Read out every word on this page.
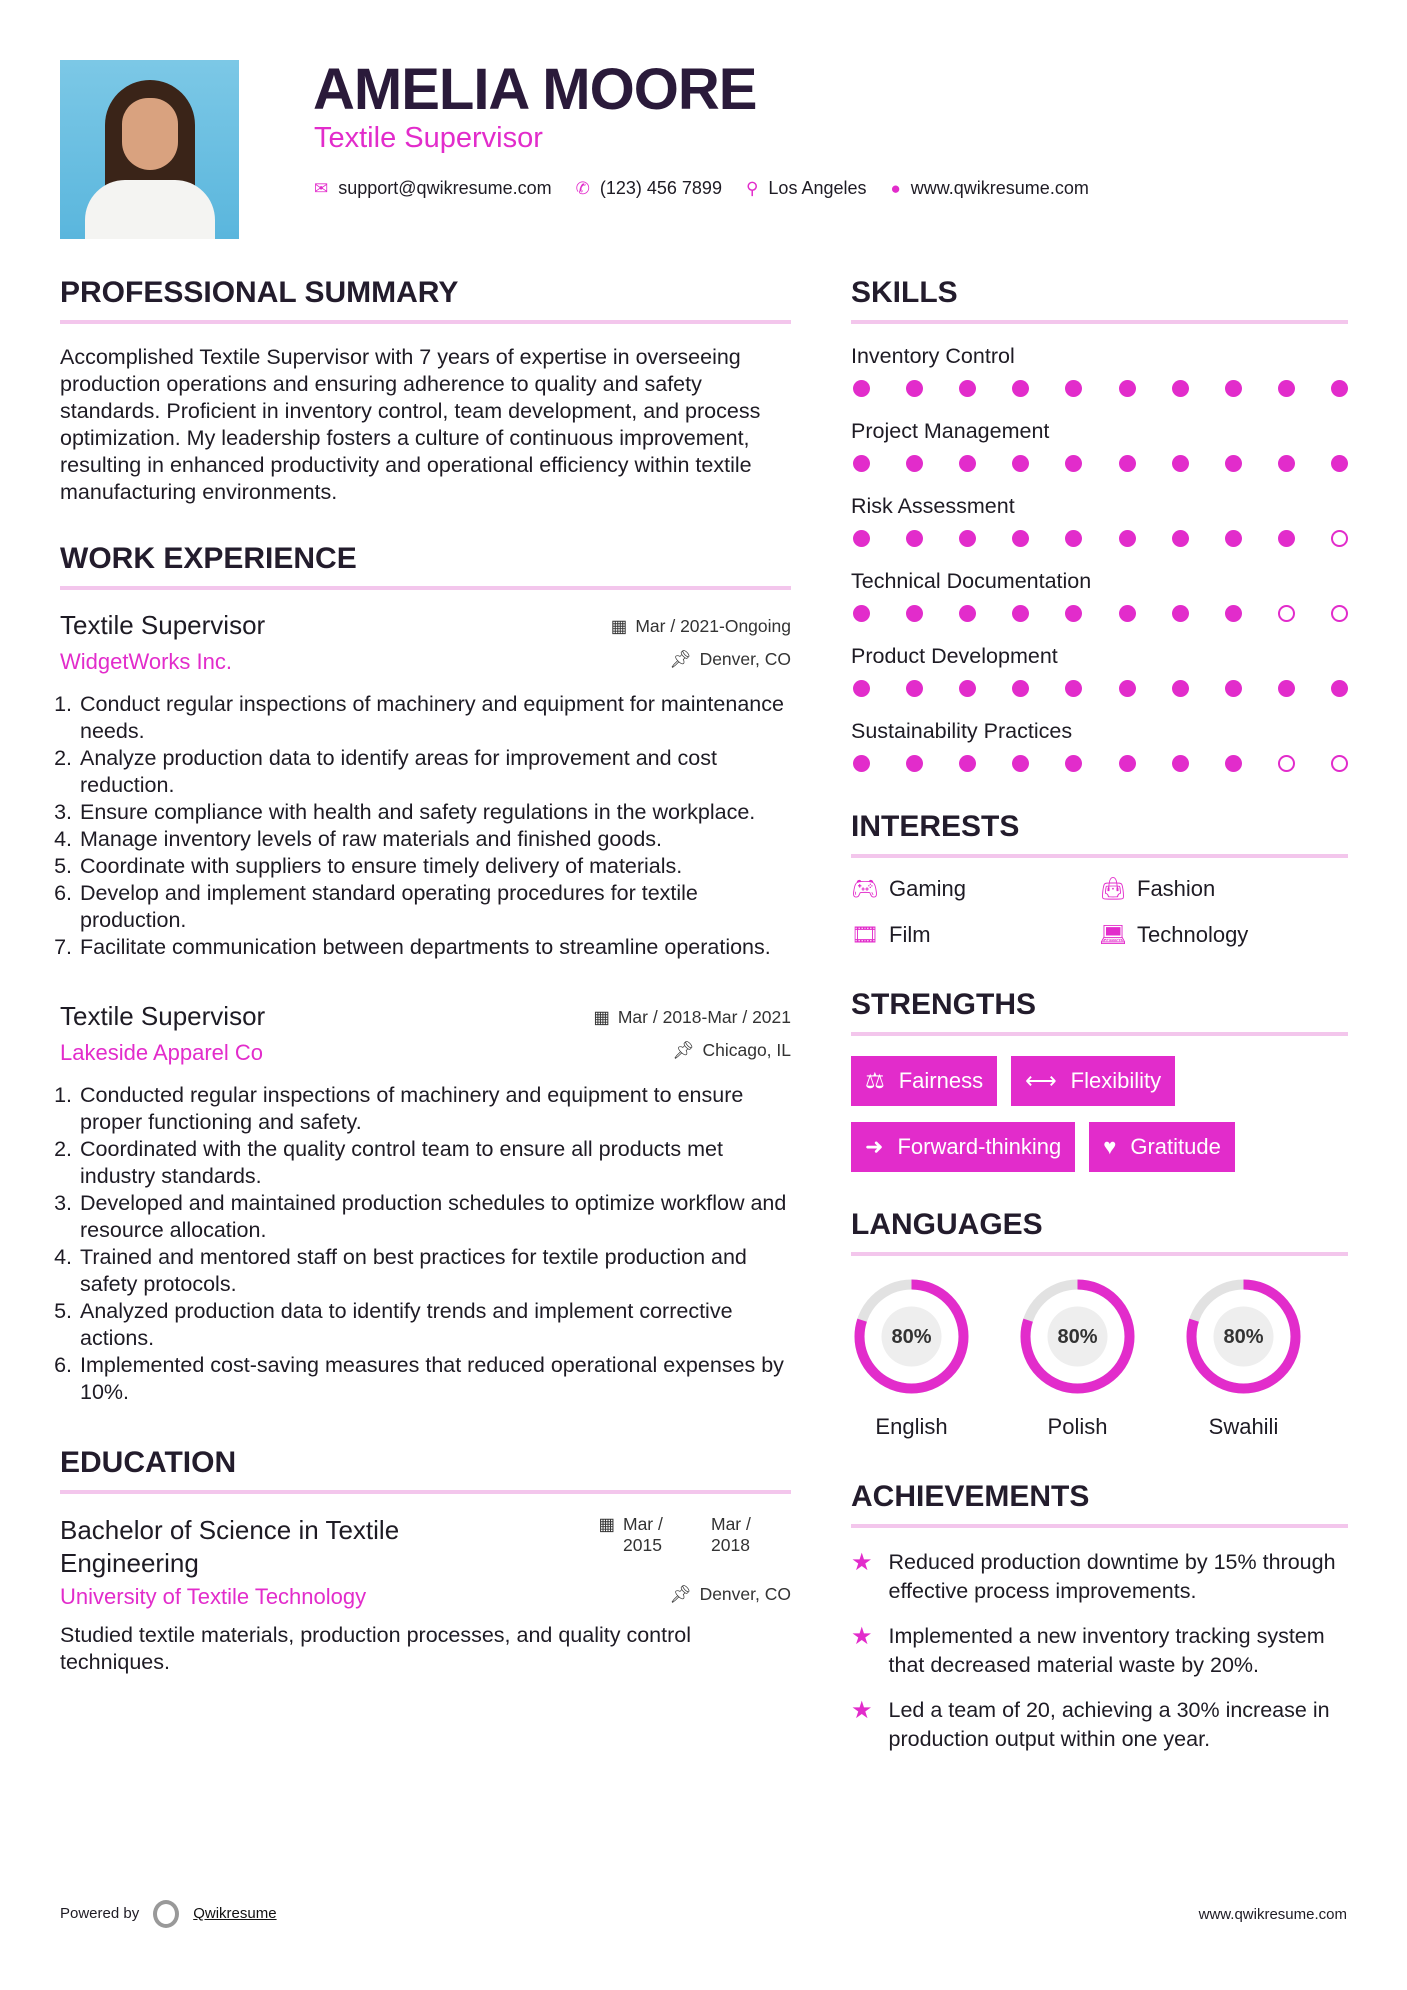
AMELIA MOORE
Textile Supervisor
✉ support@qwikresume.com ✆ (123) 456 7899 ⚲ Los Angeles ● www.qwikresume.com
PROFESSIONAL SUMMARY

Accomplished Textile Supervisor with 7 years of expertise in overseeing production operations and ensuring adherence to quality and safety standards. Proficient in inventory control, team development, and process optimization. My leadership fosters a culture of continuous improvement, resulting in enhanced productivity and operational efficiency within textile manufacturing environments.

WORK EXPERIENCE
Textile Supervisor	▦ Mar / 2021-Ongoing
WidgetWorks Inc.	📌︎ Denver, CO
1. Conduct regular inspections of machinery and equipment for maintenance needs.
2. Analyze production data to identify areas for improvement and cost reduction.
3. Ensure compliance with health and safety regulations in the workplace.
4. Manage inventory levels of raw materials and finished goods.
5. Coordinate with suppliers to ensure timely delivery of materials.
6. Develop and implement standard operating procedures for textile production.
7. Facilitate communication between departments to streamline operations.
Textile Supervisor	▦ Mar / 2018-Mar / 2021
Lakeside Apparel Co	📌︎ Chicago, IL
1. Conducted regular inspections of machinery and equipment to ensure proper functioning and safety.
2. Coordinated with the quality control team to ensure all products met industry standards.
3. Developed and maintained production schedules to optimize workflow and resource allocation.
4. Trained and mentored staff on best practices for textile production and safety protocols.
5. Analyzed production data to identify trends and implement corrective actions.
6. Implemented cost-saving measures that reduced operational expenses by 10%.
EDUCATION
Bachelor of Science in Textile Engineering
▦ Mar / 2015
Mar / 2018
University of Textile Technology	📌︎ Denver, CO

Studied textile materials, production processes, and quality control techniques.

SKILLS
Inventory Control
Project Management
Risk Assessment
Technical Documentation
Product Development
Sustainability Practices
INTERESTS
🎮︎ Gaming	👜︎ Fashion
🎞︎ Film	💻︎ Technology
STRENGTHS
⚖ Fairness ⟷ Flexibility
➜ Forward-thinking ♥ Gratitude
LANGUAGES
80%
English
80%
Polish
80%
Swahili
ACHIEVEMENTS
★ Reduced production downtime by 15% through effective process improvements.
★ Implemented a new inventory tracking system that decreased material waste by 20%.
★ Led a team of 20, achieving a 30% increase in production output within one year.
Powered by	Qwikresume	www.qwikresume.com
